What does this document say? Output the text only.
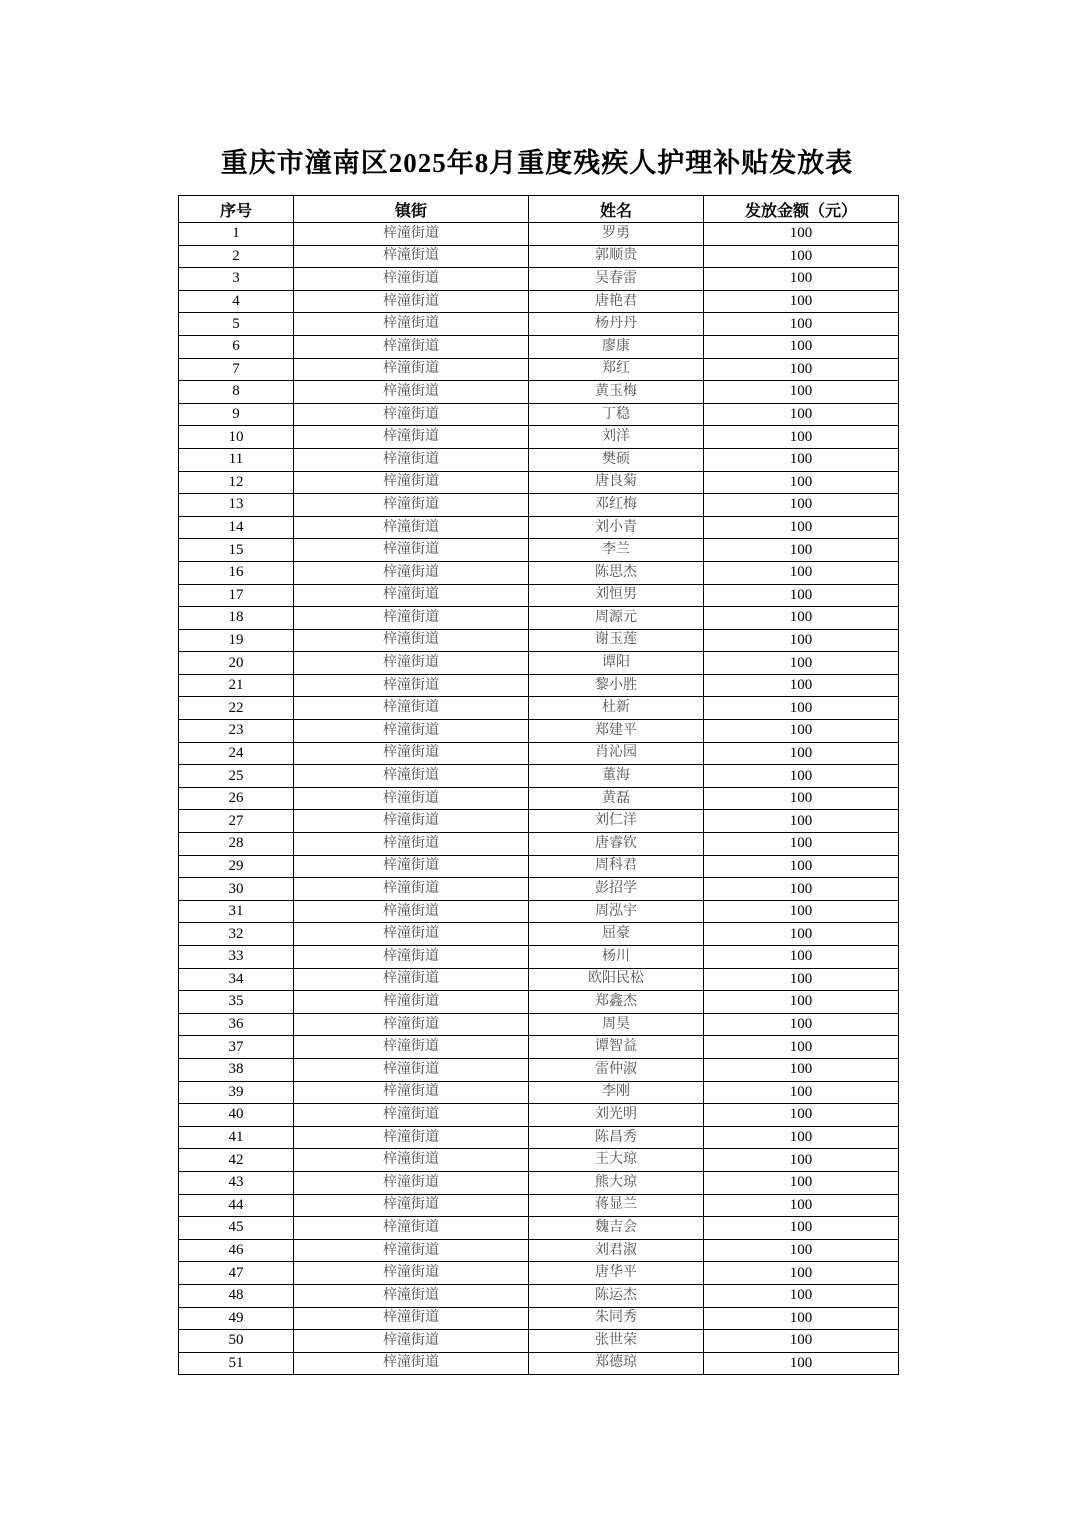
重庆市潼南区2025年8月重度残疾人护理补贴发放表
序号	镇街	姓名	发放金额（元）
1	梓潼街道	罗勇	100
2	梓潼街道	郭顺贵	100
3	梓潼街道	吴春雷	100
4	梓潼街道	唐艳君	100
5	梓潼街道	杨丹丹	100
6	梓潼街道	廖康	100
7	梓潼街道	郑红	100
8	梓潼街道	黄玉梅	100
9	梓潼街道	丁稳	100
10	梓潼街道	刘洋	100
11	梓潼街道	樊硕	100
12	梓潼街道	唐良菊	100
13	梓潼街道	邓红梅	100
14	梓潼街道	刘小青	100
15	梓潼街道	李兰	100
16	梓潼街道	陈思杰	100
17	梓潼街道	刘恒男	100
18	梓潼街道	周源元	100
19	梓潼街道	谢玉莲	100
20	梓潼街道	谭阳	100
21	梓潼街道	黎小胜	100
22	梓潼街道	杜新	100
23	梓潼街道	郑建平	100
24	梓潼街道	肖沁园	100
25	梓潼街道	董海	100
26	梓潼街道	黄磊	100
27	梓潼街道	刘仁洋	100
28	梓潼街道	唐睿钦	100
29	梓潼街道	周科君	100
30	梓潼街道	彭招学	100
31	梓潼街道	周泓宇	100
32	梓潼街道	屈豪	100
33	梓潼街道	杨川	100
34	梓潼街道	欧阳民松	100
35	梓潼街道	郑鑫杰	100
36	梓潼街道	周昊	100
37	梓潼街道	谭智益	100
38	梓潼街道	雷仲淑	100
39	梓潼街道	李刚	100
40	梓潼街道	刘光明	100
41	梓潼街道	陈昌秀	100
42	梓潼街道	王大琼	100
43	梓潼街道	熊大琼	100
44	梓潼街道	蒋显兰	100
45	梓潼街道	魏吉会	100
46	梓潼街道	刘君淑	100
47	梓潼街道	唐华平	100
48	梓潼街道	陈运杰	100
49	梓潼街道	朱同秀	100
50	梓潼街道	张世荣	100
51	梓潼街道	郑德琼	100
